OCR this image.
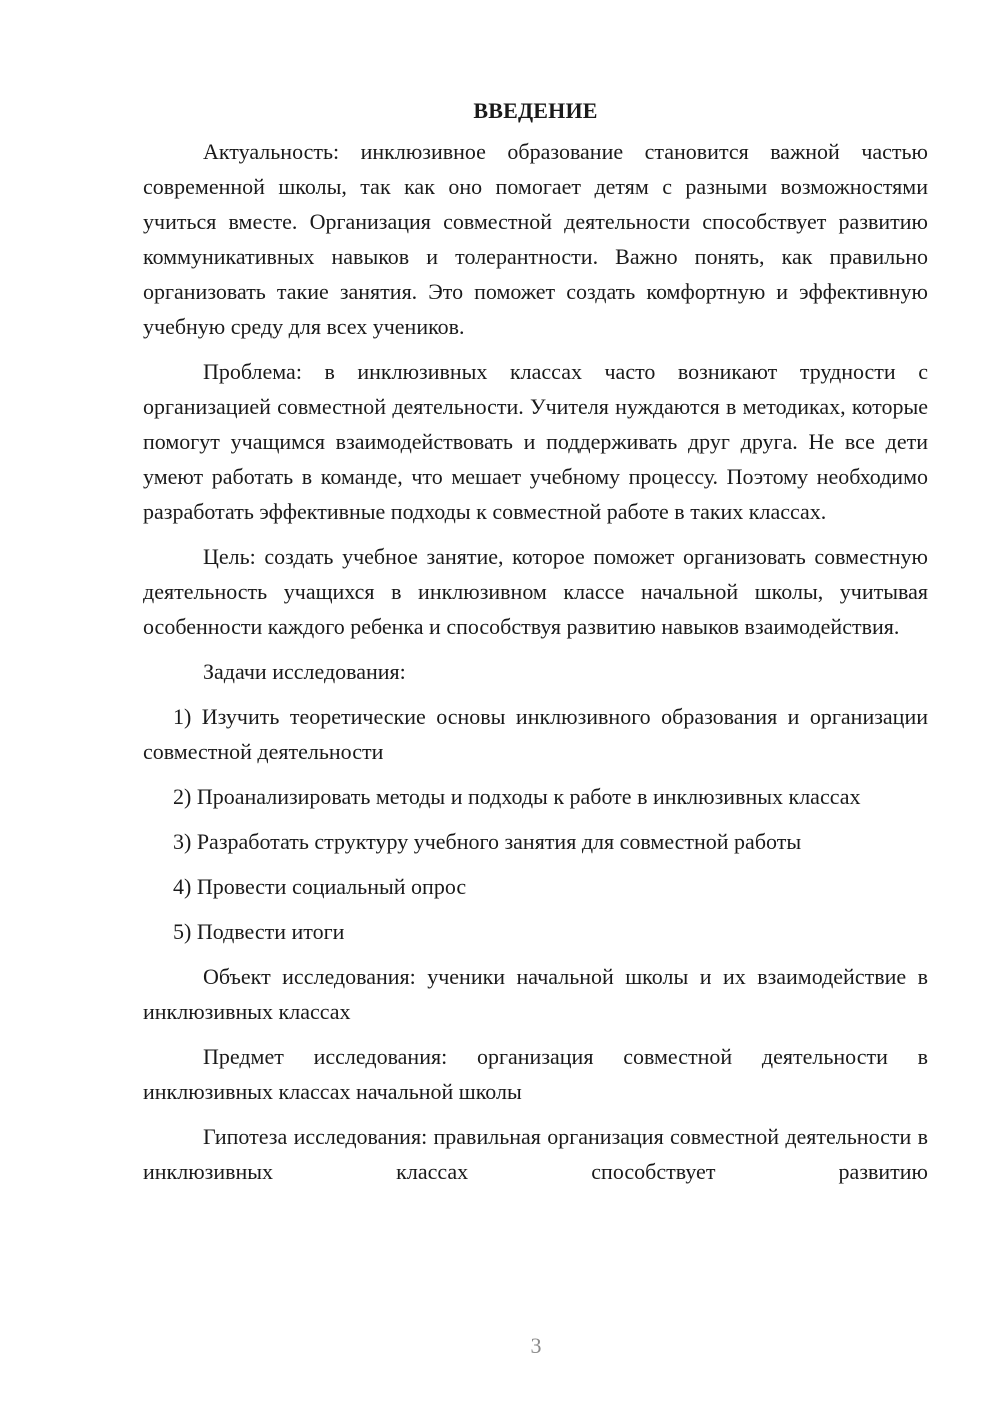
ВВЕДЕНИЕ

Актуальность: инклюзивное образование становится важной частью современной школы, так как оно помогает детям с разными возможностями учиться вместе. Организация совместной деятельности способствует развитию коммуникативных навыков и толерантности. Важно понять, как правильно организовать такие занятия. Это поможет создать комфортную и эффективную учебную среду для всех учеников.

Проблема: в инклюзивных классах часто возникают трудности с организацией совместной деятельности. Учителя нуждаются в методиках, которые помогут учащимся взаимодействовать и поддерживать друг друга. Не все дети умеют работать в команде, что мешает учебному процессу. Поэтому необходимо разработать эффективные подходы к совместной работе в таких классах.

Цель: создать учебное занятие, которое поможет организовать совместную деятельность учащихся в инклюзивном классе начальной школы, учитывая особенности каждого ребенка и способствуя развитию навыков взаимодействия.

Задачи исследования:

1) Изучить теоретические основы инклюзивного образования и организации совместной деятельности

2) Проанализировать методы и подходы к работе в инклюзивных классах

3) Разработать структуру учебного занятия для совместной работы

4) Провести социальный опрос

5) Подвести итоги

Объект исследования: ученики начальной школы и их взаимодействие в инклюзивных классах

Предмет исследования: организация совместной деятельности в инклюзивных классах начальной школы

Гипотеза исследования: правильная организация совместной деятельности в инклюзивных классах способствует развитию

3
